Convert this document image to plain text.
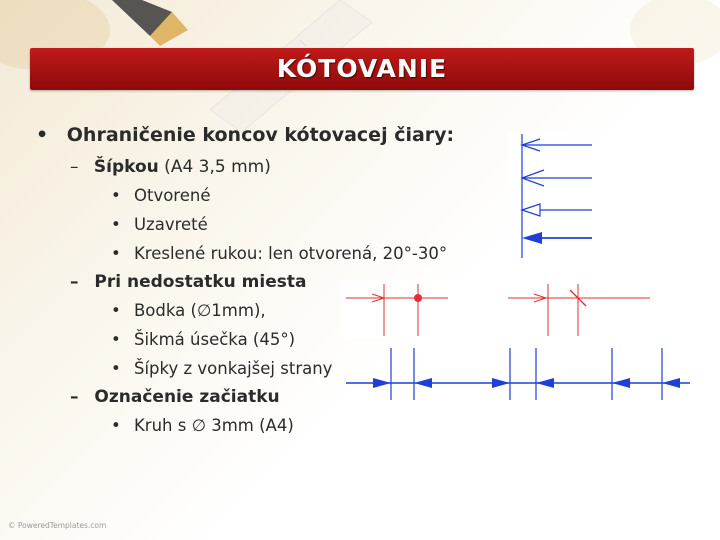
KÓTOVANIE
• Ohraničenie koncov kótovacej čiary:
– Šípkou (A4 3,5 mm)
• Otvorené
• Uzavreté
• Kreslené rukou: len otvorená, 20°-30°
– Pri nedostatku miesta
• Bodka (∅1mm),
• Šikmá úsečka (45°)
• Šípky z vonkajšej strany
– Označenie začiatku
• Kruh s ∅ 3mm (A4)
© PoweredTemplates.com
